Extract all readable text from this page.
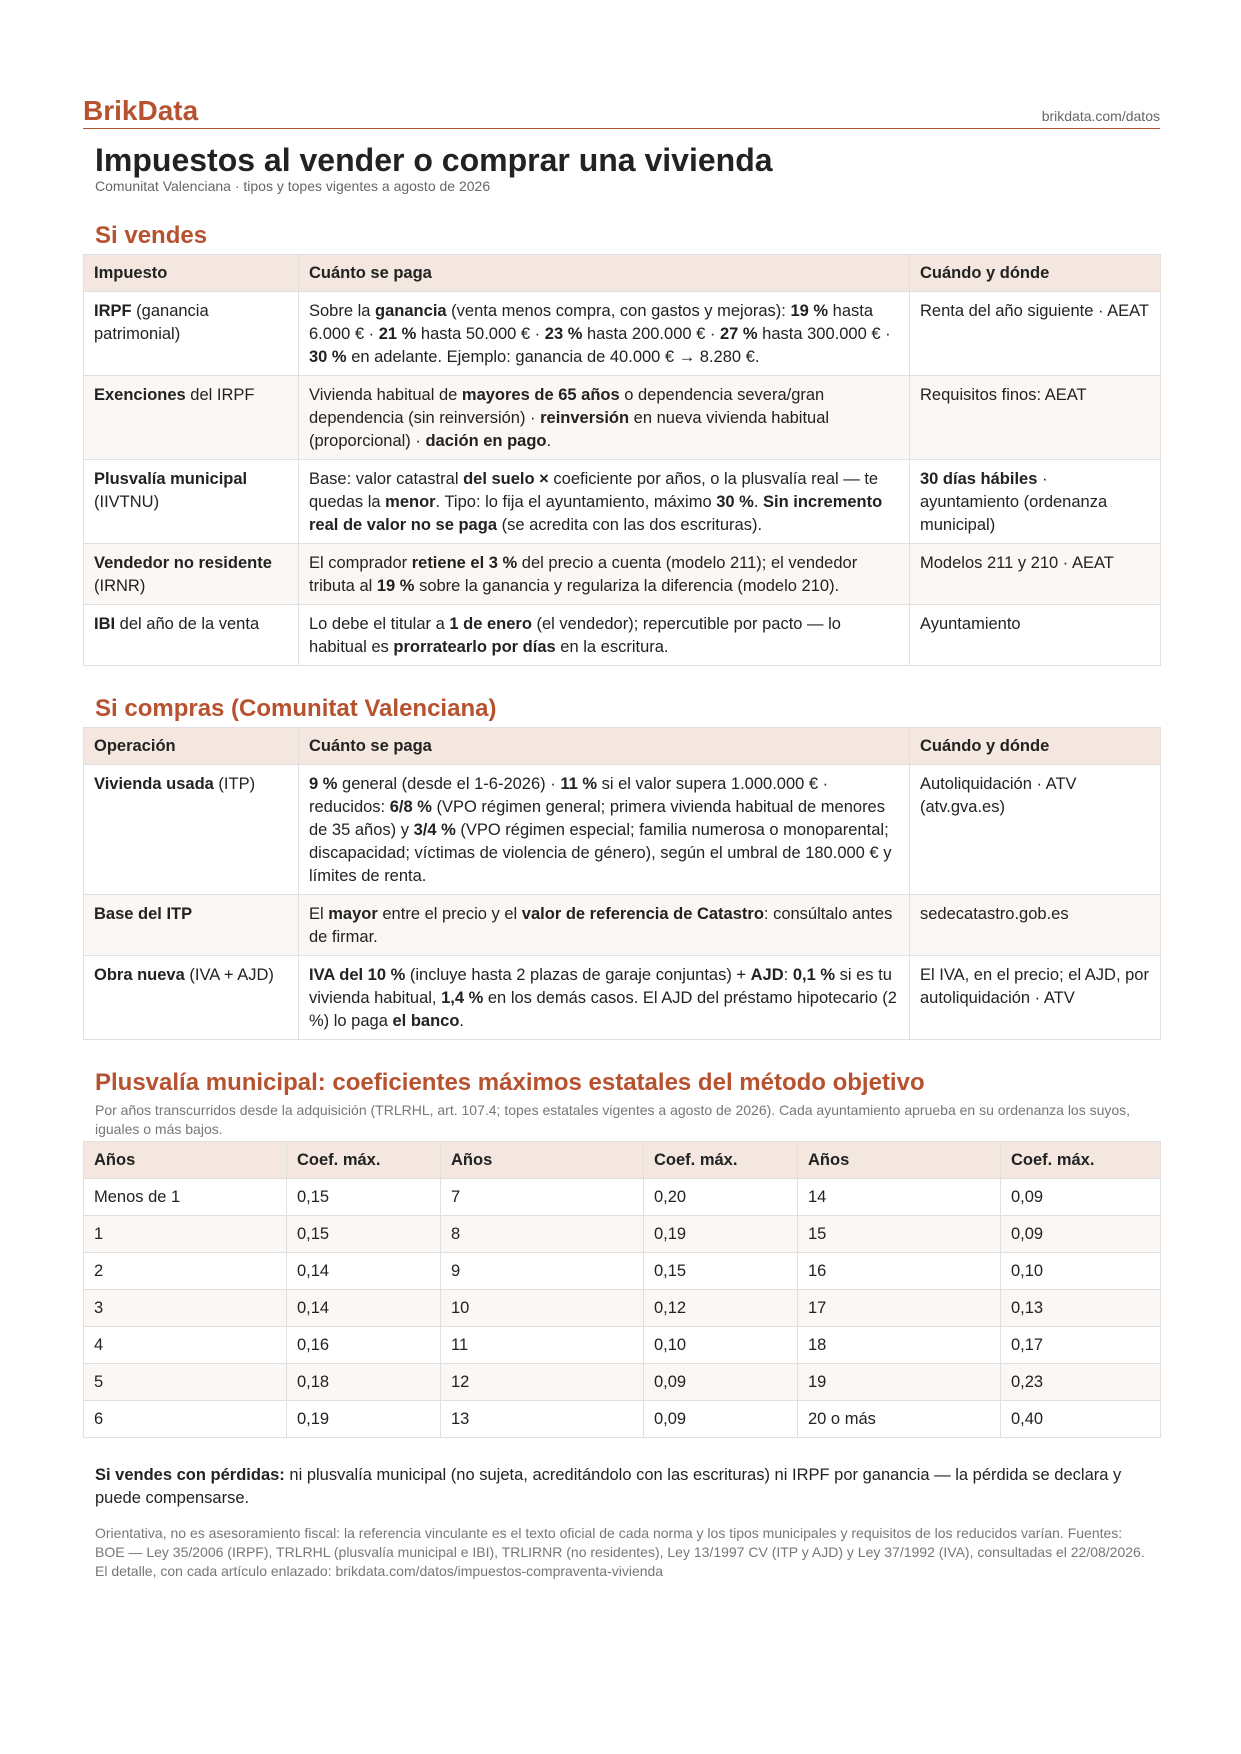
BrikData	brikdata.com/datos
Impuestos al vender o comprar una vivienda
Comunitat Valenciana · tipos y topes vigentes a agosto de 2026
Si vendes
Impuesto	Cuánto se paga	Cuándo y dónde
IRPF (ganancia patrimonial)	Sobre la ganancia (venta menos compra, con gastos y mejoras): 19 % hasta 6.000 € · 21 % hasta 50.000 € · 23 % hasta 200.000 € · 27 % hasta 300.000 € · 30 % en adelante. Ejemplo: ganancia de 40.000 € → 8.280 €.	Renta del año siguiente · AEAT
Exenciones del IRPF	Vivienda habitual de mayores de 65 años o dependencia severa/gran dependencia (sin reinversión) · reinversión en nueva vivienda habitual (proporcional) · dación en pago.	Requisitos finos: AEAT
Plusvalía municipal (IIVTNU)	Base: valor catastral del suelo × coeficiente por años, o la plusvalía real — te quedas la menor. Tipo: lo fija el ayuntamiento, máximo 30 %. Sin incremento real de valor no se paga (se acredita con las dos escrituras).	30 días hábiles · ayuntamiento (ordenanza municipal)
Vendedor no residente (IRNR)	El comprador retiene el 3 % del precio a cuenta (modelo 211); el vendedor tributa al 19 % sobre la ganancia y regulariza la diferencia (modelo 210).	Modelos 211 y 210 · AEAT
IBI del año de la venta	Lo debe el titular a 1 de enero (el vendedor); repercutible por pacto — lo habitual es prorratearlo por días en la escritura.	Ayuntamiento
Si compras (Comunitat Valenciana)
Operación	Cuánto se paga	Cuándo y dónde
Vivienda usada (ITP)	9 % general (desde el 1-6-2026) · 11 % si el valor supera 1.000.000 € · reducidos: 6/8 % (VPO régimen general; primera vivienda habitual de menores de 35 años) y 3/4 % (VPO régimen especial; familia numerosa o monoparental; discapacidad; víctimas de violencia de género), según el umbral de 180.000 € y límites de renta.	Autoliquidación · ATV (atv.gva.es)
Base del ITP	El mayor entre el precio y el valor de referencia de Catastro: consúltalo antes de firmar.	sedecatastro.gob.es
Obra nueva (IVA + AJD)	IVA del 10 % (incluye hasta 2 plazas de garaje conjuntas) + AJD: 0,1 % si es tu vivienda habitual, 1,4 % en los demás casos. El AJD del préstamo hipotecario (2 %) lo paga el banco.	El IVA, en el precio; el AJD, por autoliquidación · ATV
Plusvalía municipal: coeficientes máximos estatales del método objetivo
Por años transcurridos desde la adquisición (TRLRHL, art. 107.4; topes estatales vigentes a agosto de 2026). Cada ayuntamiento aprueba en su ordenanza los suyos, iguales o más bajos.
Años	Coef. máx.	Años	Coef. máx.	Años	Coef. máx.
Menos de 1	0,15	7	0,20	14	0,09
1	0,15	8	0,19	15	0,09
2	0,14	9	0,15	16	0,10
3	0,14	10	0,12	17	0,13
4	0,16	11	0,10	18	0,17
5	0,18	12	0,09	19	0,23
6	0,19	13	0,09	20 o más	0,40

Si vendes con pérdidas: ni plusvalía municipal (no sujeta, acreditándolo con las escrituras) ni IRPF por ganancia — la pérdida se declara y puede compensarse.

Orientativa, no es asesoramiento fiscal: la referencia vinculante es el texto oficial de cada norma y los tipos municipales y requisitos de los reducidos varían. Fuentes: BOE — Ley 35/2006 (IRPF), TRLRHL (plusvalía municipal e IBI), TRLIRNR (no residentes), Ley 13/1997 CV (ITP y AJD) y Ley 37/1992 (IVA), consultadas el 22/08/2026. El detalle, con cada artículo enlazado: brikdata.com/datos/impuestos-compraventa-vivienda
